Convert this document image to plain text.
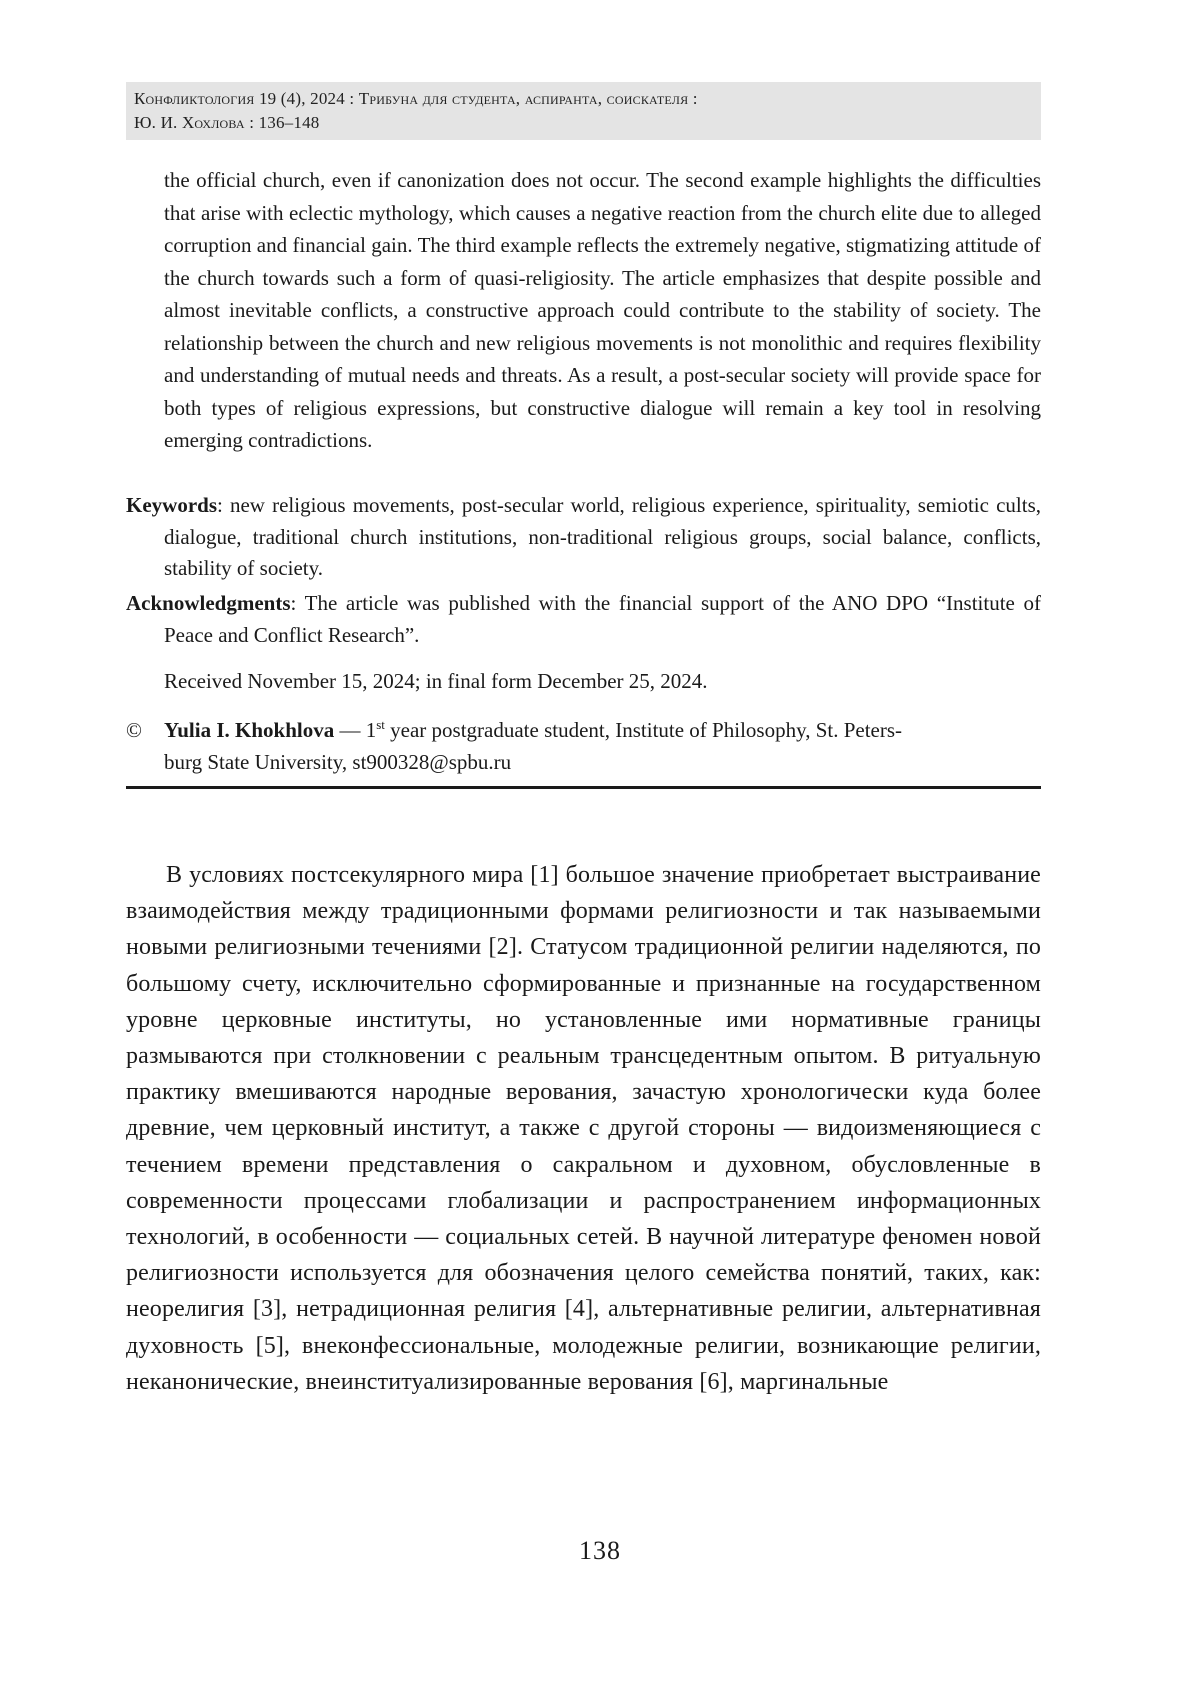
Конфликтология 19 (4), 2024 : Трибуна для студента, аспиранта, соискателя :
Ю. И. Хохлова : 136–148

the official church, even if canonization does not occur. The second example highlights the difficulties that arise with eclectic mythology, which causes a negative reaction from the church elite due to alleged corruption and financial gain. The third example reflects the extremely negative, stigmatizing attitude of the church towards such a form of quasi-religiosity. The article emphasizes that despite possible and almost inevitable conflicts, a constructive approach could contribute to the stability of society. The relationship between the church and new religious movements is not monolithic and requires flexibility and understanding of mutual needs and threats. As a result, a post-secular society will provide space for both types of religious expressions, but constructive dialogue will remain a key tool in resolving emerging contradictions.

Keywords: new religious movements, post-secular world, religious experience, spirituality, semiotic cults, dialogue, traditional church institutions, non-traditional religious groups, social balance, conflicts, stability of society.
Acknowledgments: The article was published with the financial support of the ANO DPO “Institute of Peace and Conflict Research”.
Received November 15, 2024; in final form December 25, 2024.
©	Yulia I. Khokhlova — 1st year postgraduate student, Institute of Philosophy, St. Peters-
burg State University, st900328@spbu.ru

В условиях постсекулярного мира [1] большое значение приобретает выстраивание взаимодействия между традиционными формами религиозности и так называемыми новыми религиозными течениями [2]. Статусом традиционной религии наделяются, по большому счету, исключительно сформированные и признанные на государственном уровне церковные институты, но установленные ими нормативные границы размываются при столкновении с реальным трансцедентным опытом. В ритуальную практику вмешиваются народные верования, зачастую хронологически куда более древние, чем церковный институт, а также с другой стороны — видоизменяющиеся с течением времени представления о сакральном и духовном, обусловленные в современности процессами глобализации и распространением информационных технологий, в особенности — социальных сетей. В научной литературе феномен новой религиозности используется для обозначения целого семейства понятий, таких, как: неорелигия [3], нетрадиционная религия [4], альтернативные религии, альтернативная духовность [5], внеконфессиональные, молодежные религии, возникающие религии, неканонические, внеинституализированные верования [6], маргинальные

138
